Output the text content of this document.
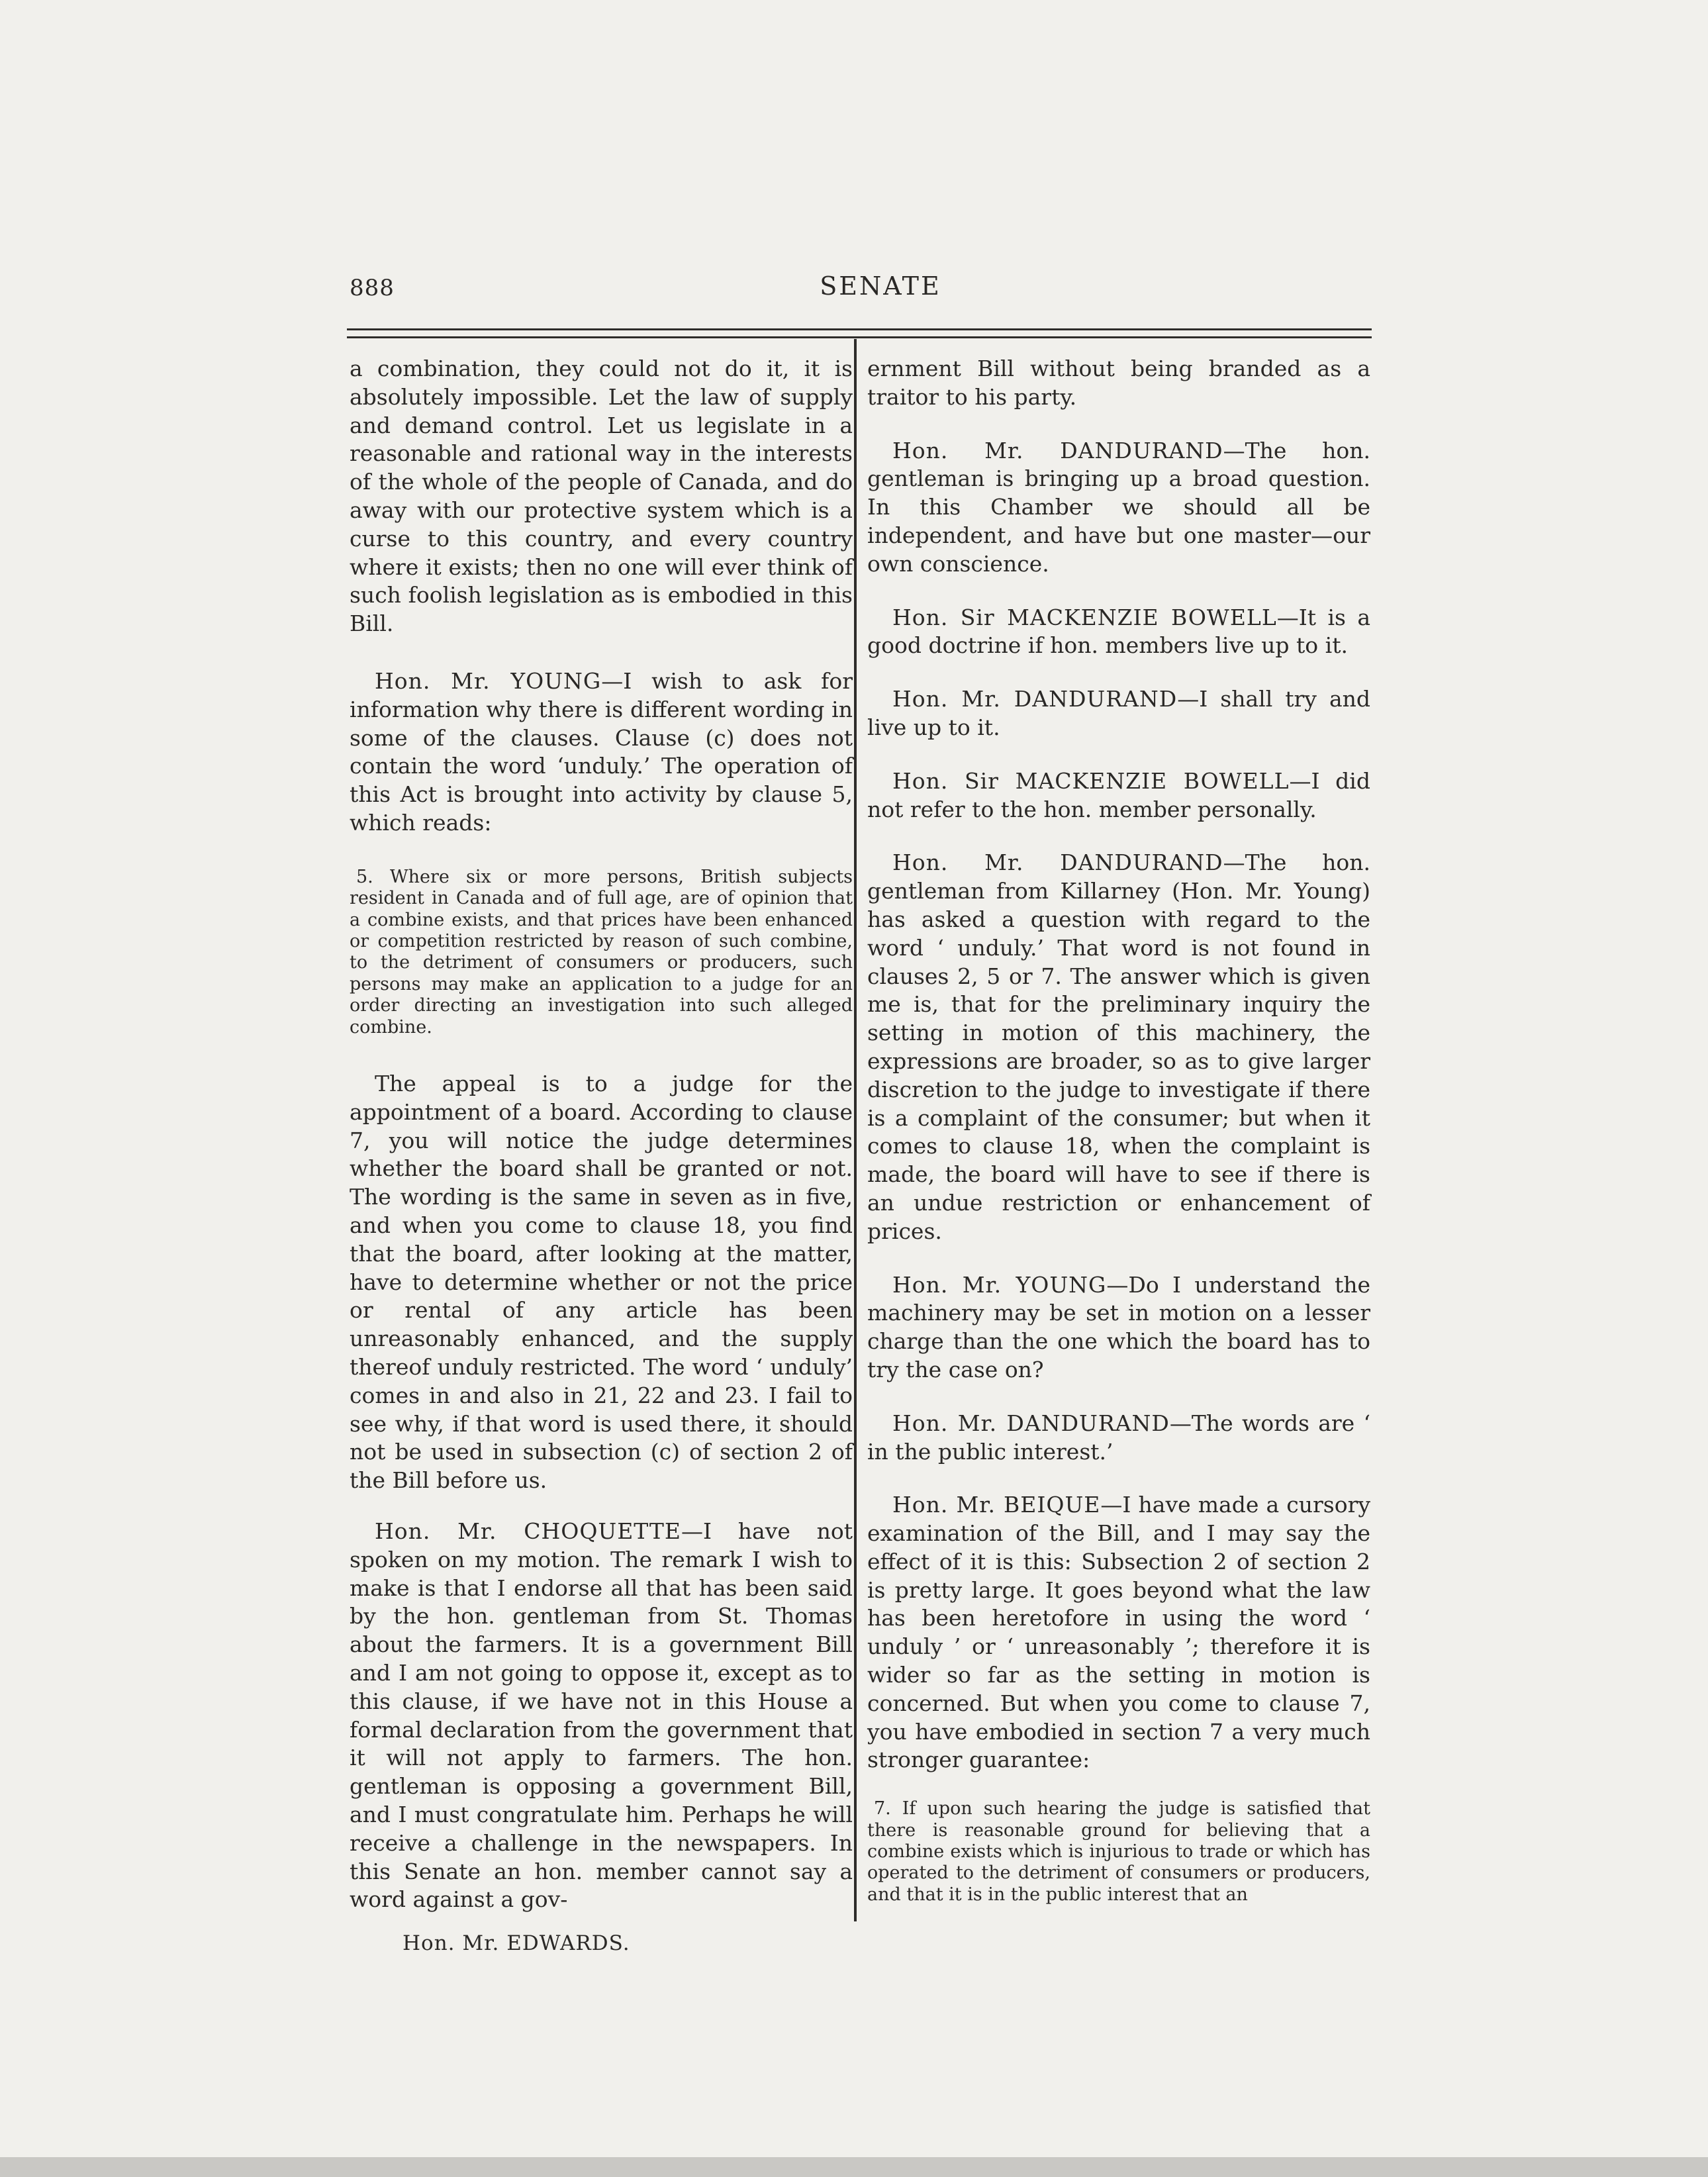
888	SENATE

a combination, they could not do it, it is absolutely impossible. Let the law of supply and demand control. Let us legislate in a reasonable and rational way in the interests of the whole of the people of Canada, and do away with our protective system which is a curse to this country, and every country where it exists; then no one will ever think of such foolish legislation as is embodied in this Bill.

Hon. Mr. YOUNG—I wish to ask for information why there is different wording in some of the clauses. Clause (c) does not contain the word ‘unduly.’ The operation of this Act is brought into activity by clause 5, which reads:

5. Where six or more persons, British subjects resident in Canada and of full age, are of opinion that a combine exists, and that prices have been enhanced or competition restricted by reason of such combine, to the detriment of consumers or producers, such persons may make an application to a judge for an order directing an investigation into such alleged combine.

The appeal is to a judge for the appointment of a board. According to clause 7, you will notice the judge determines whether the board shall be granted or not. The wording is the same in seven as in five, and when you come to clause 18, you find that the board, after looking at the matter, have to determine whether or not the price or rental of any article has been unreasonably enhanced, and the supply thereof unduly restricted. The word ‘ unduly’ comes in and also in 21, 22 and 23. I fail to see why, if that word is used there, it should not be used in subsection (c) of section 2 of the Bill before us.

Hon. Mr. CHOQUETTE—I have not spoken on my motion. The remark I wish to make is that I endorse all that has been said by the hon. gentleman from St. Thomas about the farmers. It is a government Bill and I am not going to oppose it, except as to this clause, if we have not in this House a formal declaration from the government that it will not apply to farmers. The hon. gentleman is opposing a government Bill, and I must congratulate him. Perhaps he will receive a challenge in the newspapers. In this Senate an hon. member cannot say a word against a gov-

Hon. Mr. EDWARDS.

ernment Bill without being branded as a traitor to his party.

Hon. Mr. DANDURAND—The hon. gentleman is bringing up a broad question. In this Chamber we should all be independent, and have but one master—our own conscience.

Hon. Sir MACKENZIE BOWELL—It is a good doctrine if hon. members live up to it.

Hon. Mr. DANDURAND—I shall try and live up to it.

Hon. Sir MACKENZIE BOWELL—I did not refer to the hon. member personally.

Hon. Mr. DANDURAND—The hon. gentleman from Killarney (Hon. Mr. Young) has asked a question with regard to the word ‘ unduly.’ That word is not found in clauses 2, 5 or 7. The answer which is given me is, that for the preliminary inquiry the setting in motion of this machinery, the expressions are broader, so as to give larger discretion to the judge to investigate if there is a complaint of the consumer; but when it comes to clause 18, when the complaint is made, the board will have to see if there is an undue restriction or enhancement of prices.

Hon. Mr. YOUNG—Do I understand the machinery may be set in motion on a lesser charge than the one which the board has to try the case on?

Hon. Mr. DANDURAND—The words are ‘ in the public interest.’

Hon. Mr. BEIQUE—I have made a cursory examination of the Bill, and I may say the effect of it is this: Subsection 2 of section 2 is pretty large. It goes beyond what the law has been heretofore in using the word ‘ unduly ’ or ‘ unreasonably ’; therefore it is wider so far as the setting in motion is concerned. But when you come to clause 7, you have embodied in section 7 a very much stronger guarantee:

7. If upon such hearing the judge is satisfied that there is reasonable ground for believing that a combine exists which is injurious to trade or which has operated to the detriment of consumers or producers, and that it is in the public interest that an
